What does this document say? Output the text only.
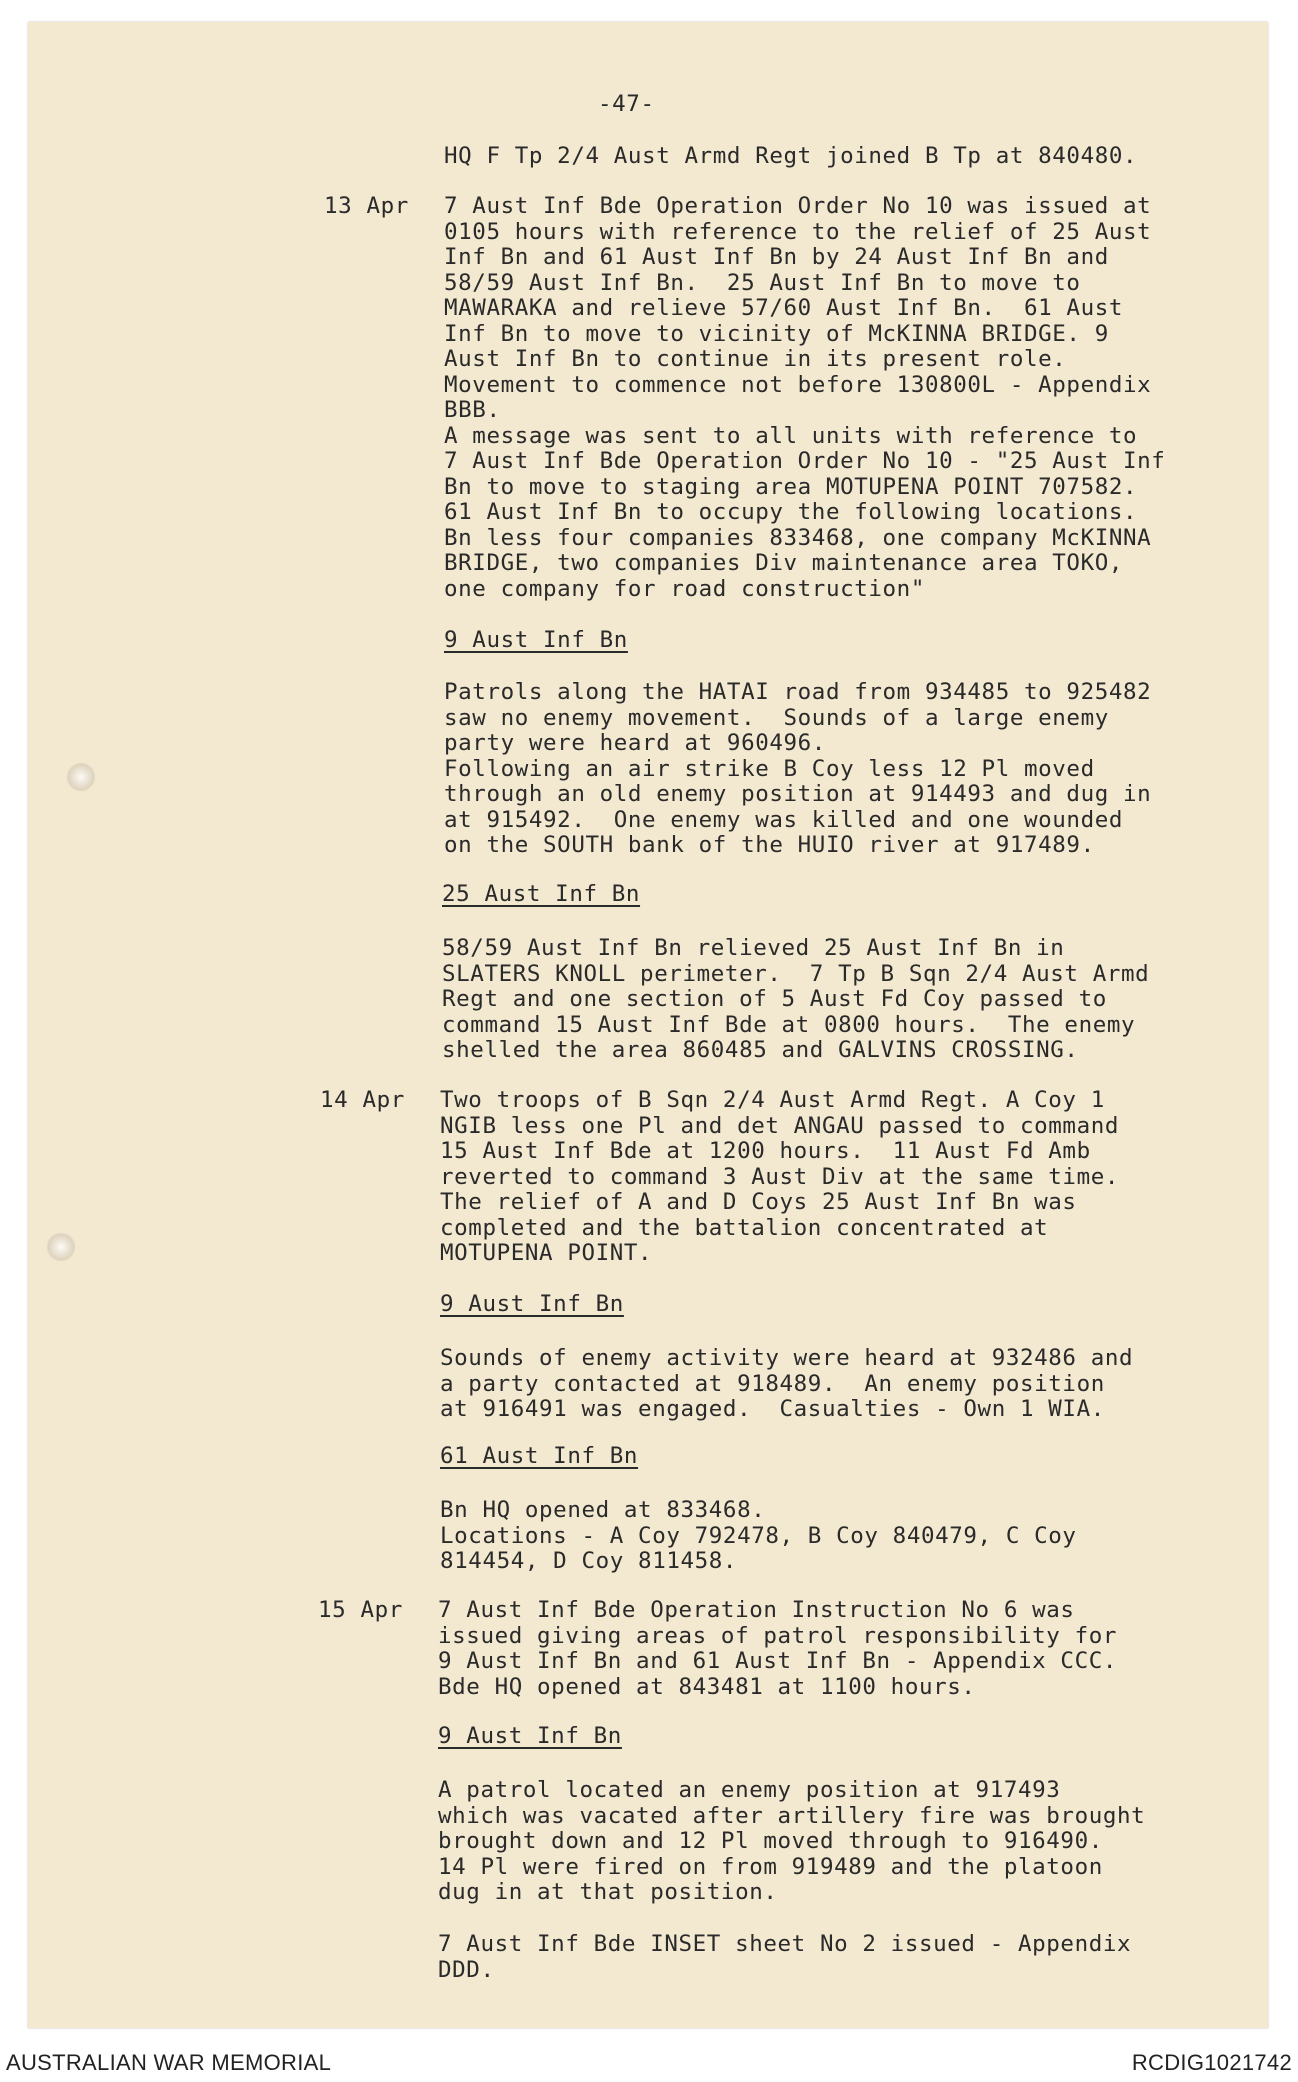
-47-
HQ F Tp 2/4 Aust Armd Regt joined B Tp at 840480.
13 Apr 7 Aust Inf Bde Operation Order No 10 was issued at
0105 hours with reference to the relief of 25 Aust
Inf Bn and 61 Aust Inf Bn by 24 Aust Inf Bn and
58/59 Aust Inf Bn.  25 Aust Inf Bn to move to
MAWARAKA and relieve 57/60 Aust Inf Bn.  61 Aust
Inf Bn to move to vicinity of McKINNA BRIDGE. 9
Aust Inf Bn to continue in its present role.
Movement to commence not before 130800L - Appendix
BBB.
A message was sent to all units with reference to
7 Aust Inf Bde Operation Order No 10 - "25 Aust Inf
Bn to move to staging area MOTUPENA POINT 707582.
61 Aust Inf Bn to occupy the following locations.
Bn less four companies 833468, one company McKINNA
BRIDGE, two companies Div maintenance area TOKO,
one company for road construction"
9 Aust Inf Bn
Patrols along the HATAI road from 934485 to 925482
saw no enemy movement.  Sounds of a large enemy
party were heard at 960496.
Following an air strike B Coy less 12 Pl moved
through an old enemy position at 914493 and dug in
at 915492.  One enemy was killed and one wounded
on the SOUTH bank of the HUIO river at 917489.
25 Aust Inf Bn
58/59 Aust Inf Bn relieved 25 Aust Inf Bn in
SLATERS KNOLL perimeter.  7 Tp B Sqn 2/4 Aust Armd
Regt and one section of 5 Aust Fd Coy passed to
command 15 Aust Inf Bde at 0800 hours.  The enemy
shelled the area 860485 and GALVINS CROSSING.
14 Apr Two troops of B Sqn 2/4 Aust Armd Regt. A Coy 1
NGIB less one Pl and det ANGAU passed to command
15 Aust Inf Bde at 1200 hours.  11 Aust Fd Amb
reverted to command 3 Aust Div at the same time.
The relief of A and D Coys 25 Aust Inf Bn was
completed and the battalion concentrated at
MOTUPENA POINT.
9 Aust Inf Bn
Sounds of enemy activity were heard at 932486 and
a party contacted at 918489.  An enemy position
at 916491 was engaged.  Casualties - Own 1 WIA.
61 Aust Inf Bn
Bn HQ opened at 833468.
Locations - A Coy 792478, B Coy 840479, C Coy
814454, D Coy 811458.
15 Apr 7 Aust Inf Bde Operation Instruction No 6 was
issued giving areas of patrol responsibility for
9 Aust Inf Bn and 61 Aust Inf Bn - Appendix CCC.
Bde HQ opened at 843481 at 1100 hours.
9 Aust Inf Bn
A patrol located an enemy position at 917493
which was vacated after artillery fire was brought
brought down and 12 Pl moved through to 916490.
14 Pl were fired on from 919489 and the platoon
dug in at that position.
7 Aust Inf Bde INSET sheet No 2 issued - Appendix
DDD.
AUSTRALIAN WAR MEMORIAL	RCDIG1021742
